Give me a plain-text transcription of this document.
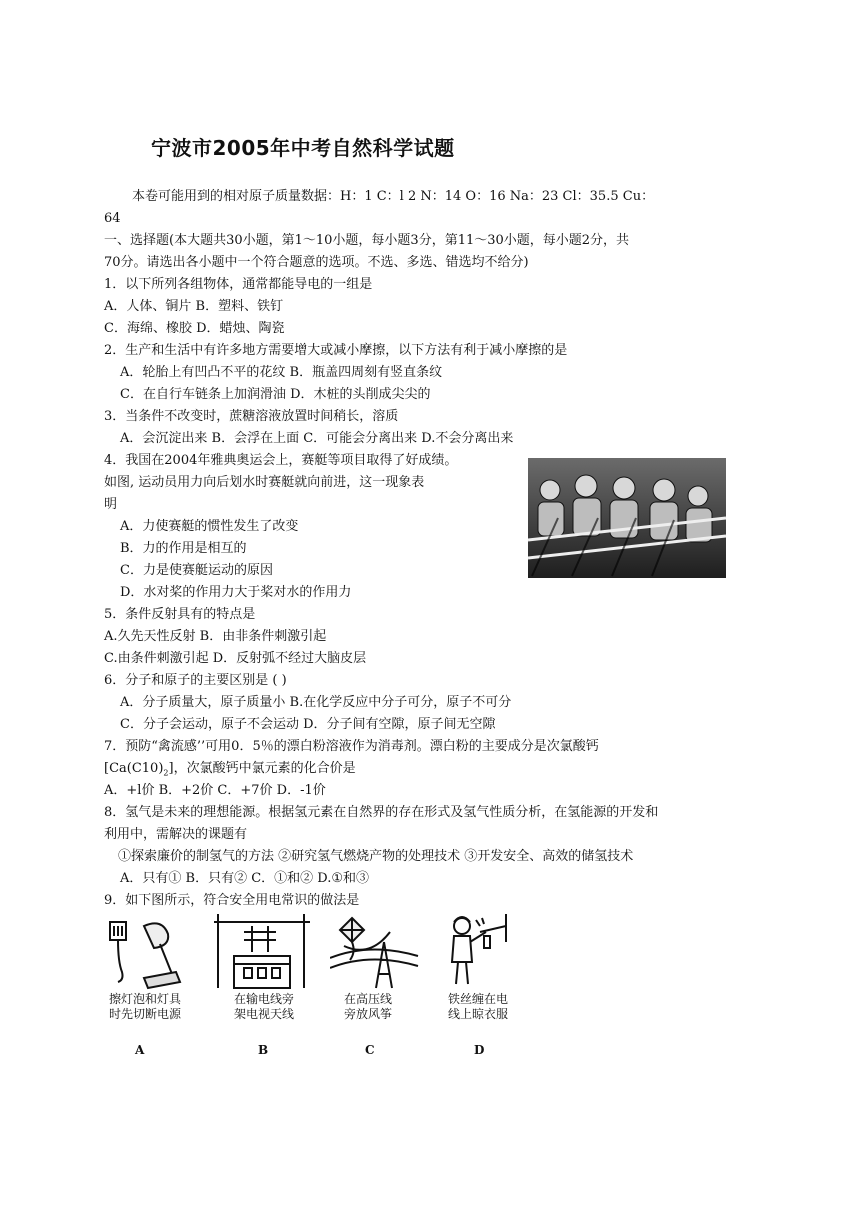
宁波市2005年中考自然科学试题
本卷可能用到的相对原子质量数据：H：1 C：l 2 N：14 O：16 Na：23 Cl：35.5 Cu：
64
一、选择题(本大题共30小题，第1～10小题，每小题3分，第11～30小题，每小题2分，共
70分。请选出各小题中一个符合题意的选项。不选、多选、错选均不给分)
1．以下所列各组物体，通常都能导电的一组是
A．人体、铜片 B．塑料、铁钉
C．海绵、橡胶 D．蜡烛、陶瓷
2．生产和生活中有许多地方需要增大或减小摩擦，以下方法有利于减小摩擦的是
A．轮胎上有凹凸不平的花纹 B．瓶盖四周刻有竖直条纹
C．在自行车链条上加润滑油 D．木桩的头削成尖尖的
3．当条件不改变时，蔗糖溶液放置时间稍长，溶质
A．会沉淀出来 B．会浮在上面 C．可能会分离出来 D.不会分离出来
4．我国在2004年雅典奥运会上，赛艇等项目取得了好成绩。
如图, 运动员用力向后划水时赛艇就向前进，这一现象表
明
A．力使赛艇的惯性发生了改变
B．力的作用是相互的
C．力是使赛艇运动的原因
D．水对桨的作用力大于桨对水的作用力
5．条件反射具有的特点是
A.久先天性反射 B．由非条件刺激引起
C.由条件刺激引起 D．反射弧不经过大脑皮层
6．分子和原子的主要区别是 ( )
A．分子质量大，原子质量小 B.在化学反应中分子可分，原子不可分
C．分子会运动，原子不会运动 D．分子间有空隙，原子间无空隙
7．预防“禽流感’’可用0．5％的漂白粉溶液作为消毒剂。漂白粉的主要成分是次氯酸钙
$[Ca(C10)_2]$，次氯酸钙中氯元素的化合价是
A．+l价 B．+2价 C．+7价 D．-1价
8．氢气是未来的理想能源。根据氢元素在自然界的存在形式及氢气性质分析，在氢能源的开发和
利用中，需解决的课题有
①探索廉价的制氢气的方法 ②研究氢气燃烧产物的处理技术 ③开发安全、高效的储氢技术
A．只有① B．只有② C．①和② D.①和③
9．如下图所示，符合安全用电常识的做法是
擦灯泡和灯具
时先切断电源
A
在输电线旁
架电视天线
B
在高压线
旁放风筝
C
铁丝缠在电
线上晾衣服
D
